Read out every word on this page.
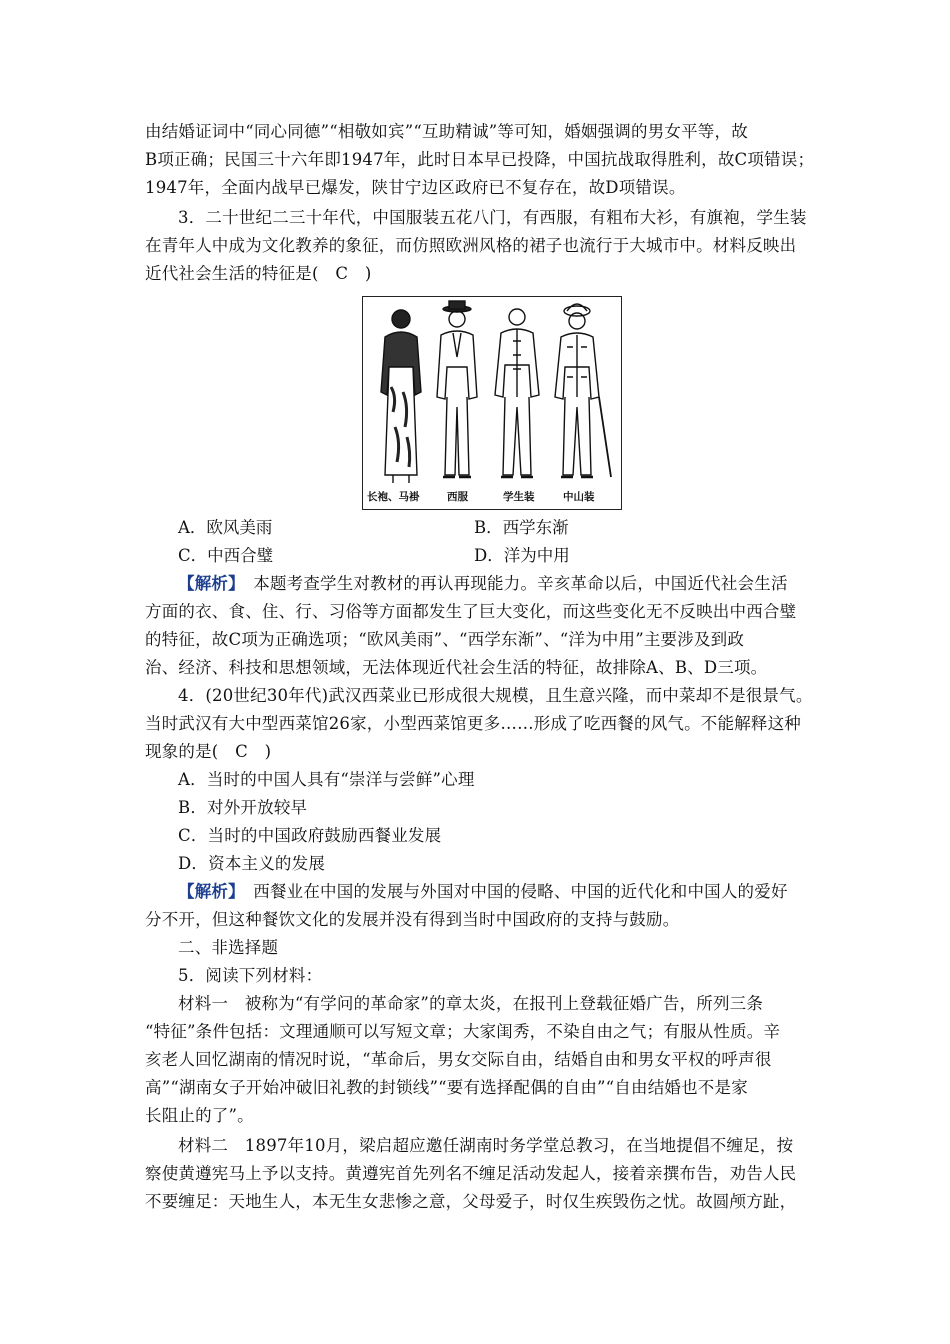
由结婚证词中“同心同德”“相敬如宾”“互助精诚”等可知，婚姻强调的男女平等，故
B项正确；民国三十六年即1947年，此时日本早已投降，中国抗战取得胜利，故C项错误；
1947年，全面内战早已爆发，陕甘宁边区政府已不复存在，故D项错误。
3．二十世纪二三十年代，中国服装五花八门，有西服，有粗布大衫，有旗袍，学生装
在青年人中成为文化教养的象征，而仿照欧洲风格的裙子也流行于大城市中。材料反映出
近代社会生活的特征是(　C　)
长袍、马褂	西服	学生装	中山装
A．欧风美雨	B．西学东渐
C．中西合璧	D．洋为中用
【解析】　本题考查学生对教材的再认再现能力。辛亥革命以后，中国近代社会生活
方面的衣、食、住、行、习俗等方面都发生了巨大变化，而这些变化无不反映出中西合璧
的特征，故C项为正确选项；“欧风美雨”、“西学东渐”、“洋为中用”主要涉及到政
治、经济、科技和思想领域，无法体现近代社会生活的特征，故排除A、B、D三项。
4．(20世纪30年代)武汉西菜业已形成很大规模，且生意兴隆，而中菜却不是很景气。
当时武汉有大中型西菜馆26家，小型西菜馆更多……形成了吃西餐的风气。不能解释这种
现象的是(　C　)
A．当时的中国人具有“崇洋与尝鲜”心理
B．对外开放较早
C．当时的中国政府鼓励西餐业发展
D．资本主义的发展
【解析】　西餐业在中国的发展与外国对中国的侵略、中国的近代化和中国人的爱好
分不开，但这种餐饮文化的发展并没有得到当时中国政府的支持与鼓励。
二、非选择题
5．阅读下列材料：
材料一　被称为“有学问的革命家”的章太炎，在报刊上登载征婚广告，所列三条
“特征”条件包括：文理通顺可以写短文章；大家闺秀，不染自由之气；有服从性质。辛
亥老人回忆湖南的情况时说，“革命后，男女交际自由，结婚自由和男女平权的呼声很
高”“湖南女子开始冲破旧礼教的封锁线”“要有选择配偶的自由”“自由结婚也不是家
长阻止的了”。
材料二　1897年10月，梁启超应邀任湖南时务学堂总教习，在当地提倡不缠足，按
察使黄遵宪马上予以支持。黄遵宪首先列名不缠足活动发起人，接着亲撰布告，劝告人民
不要缠足：天地生人，本无生女悲惨之意，父母爱子，时仅生疾毁伤之忧。故圆颅方趾，
